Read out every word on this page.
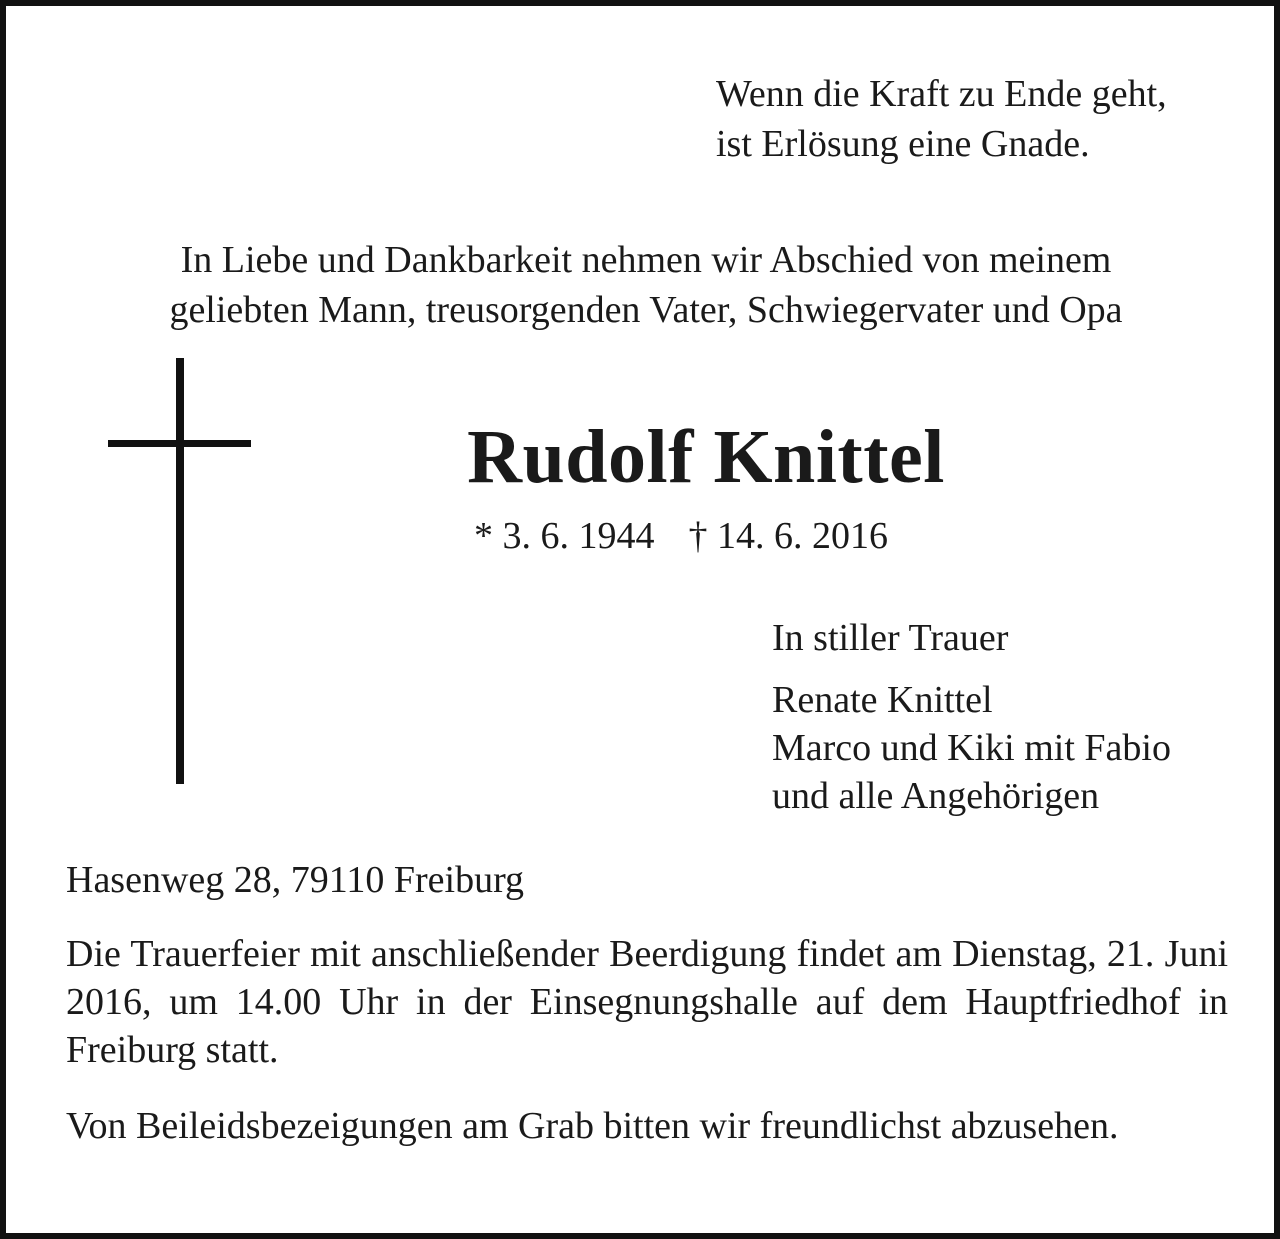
Wenn die Kraft zu Ende geht,

ist Erlösung eine Gnade.

In Liebe und Dankbarkeit nehmen wir Abschied von meinem

geliebten Mann, treusorgenden Vater, Schwiegervater und Opa

Rudolf Knittel

* 3. 6. 1944 † 14. 6. 2016

In stiller Trauer

Renate Knittel

Marco und Kiki mit Fabio

und alle Angehörigen

Hasenweg 28, 79110 Freiburg

Die Trauerfeier mit anschließender Beerdigung findet am Dienstag, 21. Juni 2016, um 14.00 Uhr in der Einsegnungshalle auf dem Hauptfriedhof in Freiburg statt.

Von Beileidsbezeigungen am Grab bitten wir freundlichst abzusehen.
